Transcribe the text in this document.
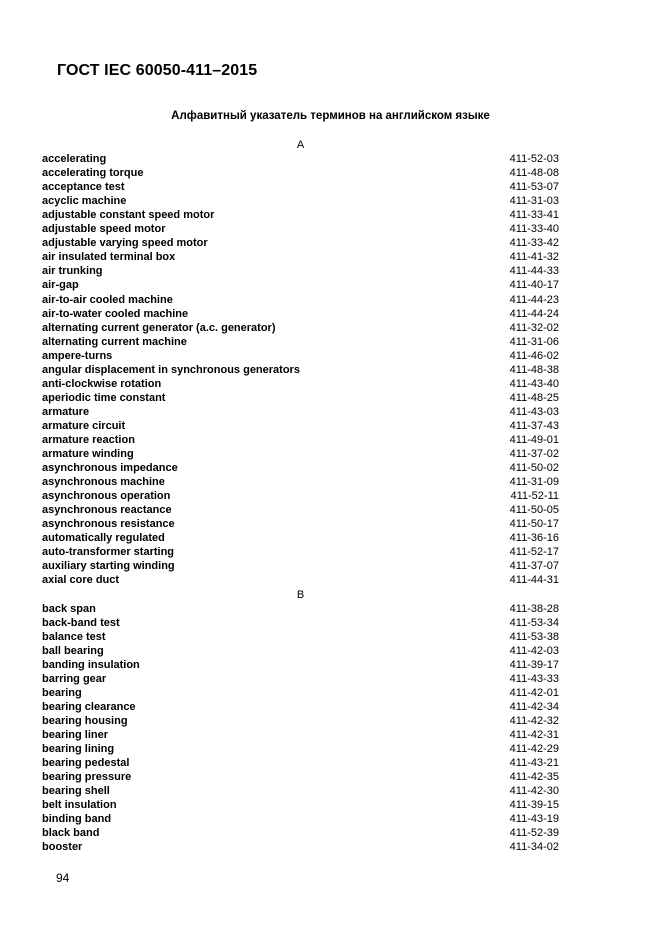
ГОСТ IEC 60050-411–2015
Алфавитный указатель терминов на английском языке
A
accelerating	411-52-03
accelerating torque	411-48-08
acceptance test	411-53-07
acyclic machine	411-31-03
adjustable constant speed motor	411-33-41
adjustable speed motor	411-33-40
adjustable varying speed motor	411-33-42
air insulated terminal box	411-41-32
air trunking	411-44-33
air-gap	411-40-17
air-to-air cooled machine	411-44-23
air-to-water cooled machine	411-44-24
alternating current generator (a.c. generator)	411-32-02
alternating current machine	411-31-06
ampere-turns	411-46-02
angular displacement in synchronous generators	411-48-38
anti-clockwise rotation	411-43-40
aperiodic time constant	411-48-25
armature	411-43-03
armature circuit	411-37-43
armature reaction	411-49-01
armature winding	411-37-02
asynchronous impedance	411-50-02
asynchronous machine	411-31-09
asynchronous operation	411-52-11
asynchronous reactance	411-50-05
asynchronous resistance	411-50-17
automatically regulated	411-36-16
auto-transformer starting	411-52-17
auxiliary starting winding	411-37-07
axial core duct	411-44-31
B
back span	411-38-28
back-band test	411-53-34
balance test	411-53-38
ball bearing	411-42-03
banding insulation	411-39-17
barring gear	411-43-33
bearing	411-42-01
bearing clearance	411-42-34
bearing housing	411-42-32
bearing liner	411-42-31
bearing lining	411-42-29
bearing pedestal	411-43-21
bearing pressure	411-42-35
bearing shell	411-42-30
belt insulation	411-39-15
binding band	411-43-19
black band	411-52-39
booster	411-34-02
94
